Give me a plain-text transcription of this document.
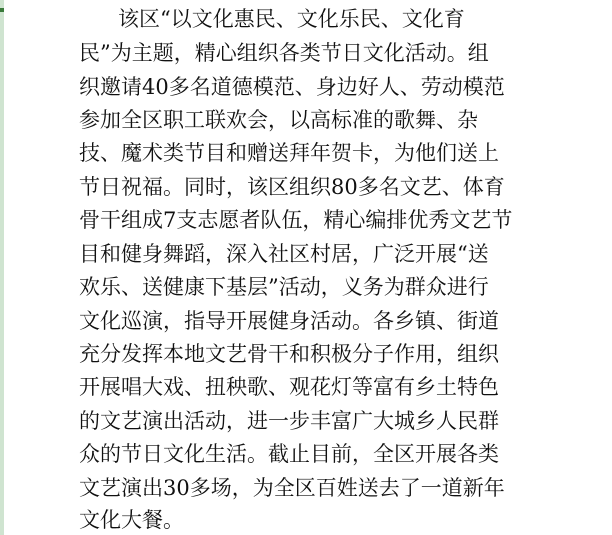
该区“以文化惠民、文化乐民、文化育
民”为主题，精心组织各类节日文化活动。组
织邀请40多名道德模范、身边好人、劳动模范
参加全区职工联欢会，以高标准的歌舞、杂
技、魔术类节目和赠送拜年贺卡，为他们送上
节日祝福。同时，该区组织80多名文艺、体育
骨干组成7支志愿者队伍，精心编排优秀文艺节
目和健身舞蹈，深入社区村居，广泛开展“送
欢乐、送健康下基层”活动，义务为群众进行
文化巡演，指导开展健身活动。各乡镇、街道
充分发挥本地文艺骨干和积极分子作用，组织
开展唱大戏、扭秧歌、观花灯等富有乡土特色
的文艺演出活动，进一步丰富广大城乡人民群
众的节日文化生活。截止目前，全区开展各类
文艺演出30多场，为全区百姓送去了一道新年
文化大餐。
